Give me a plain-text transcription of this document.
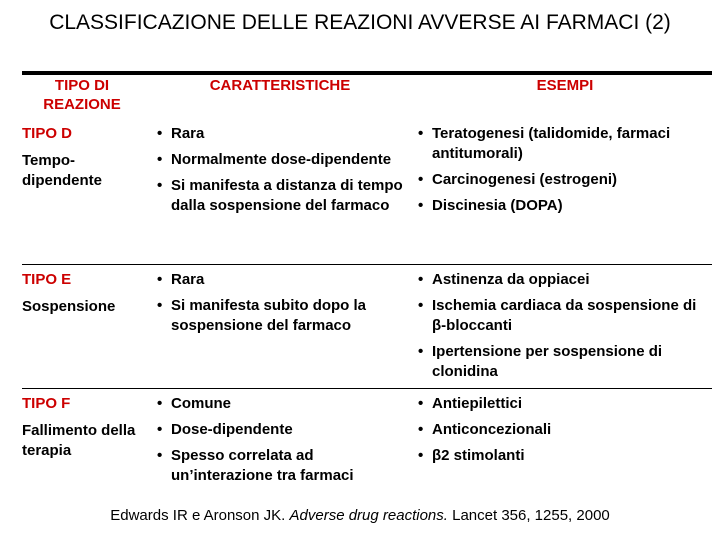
CLASSIFICAZIONE DELLE REAZIONI AVVERSE AI FARMACI (2)
TIPO DI REAZIONE
CARATTERISTICHE	ESEMPI
TIPO D
Tempo-dipendente
• Rara
• Normalmente dose-dipendente
• Si manifesta a distanza di tempo dalla sospensione del farmaco
• Teratogenesi (talidomide, farmaci antitumorali)
• Carcinogenesi (estrogeni)
• Discinesia (DOPA)
TIPO E
Sospensione
• Rara
• Si manifesta subito dopo la sospensione del farmaco
• Astinenza da oppiacei
• Ischemia cardiaca da sospensione di β-bloccanti
• Ipertensione per sospensione di clonidina
TIPO F
Fallimento della terapia
• Comune
• Dose-dipendente
• Spesso correlata ad un’interazione tra farmaci
• Antiepilettici
• Anticoncezionali
• β2 stimolanti
Edwards IR e Aronson JK. Adverse drug reactions. Lancet 356, 1255, 2000
